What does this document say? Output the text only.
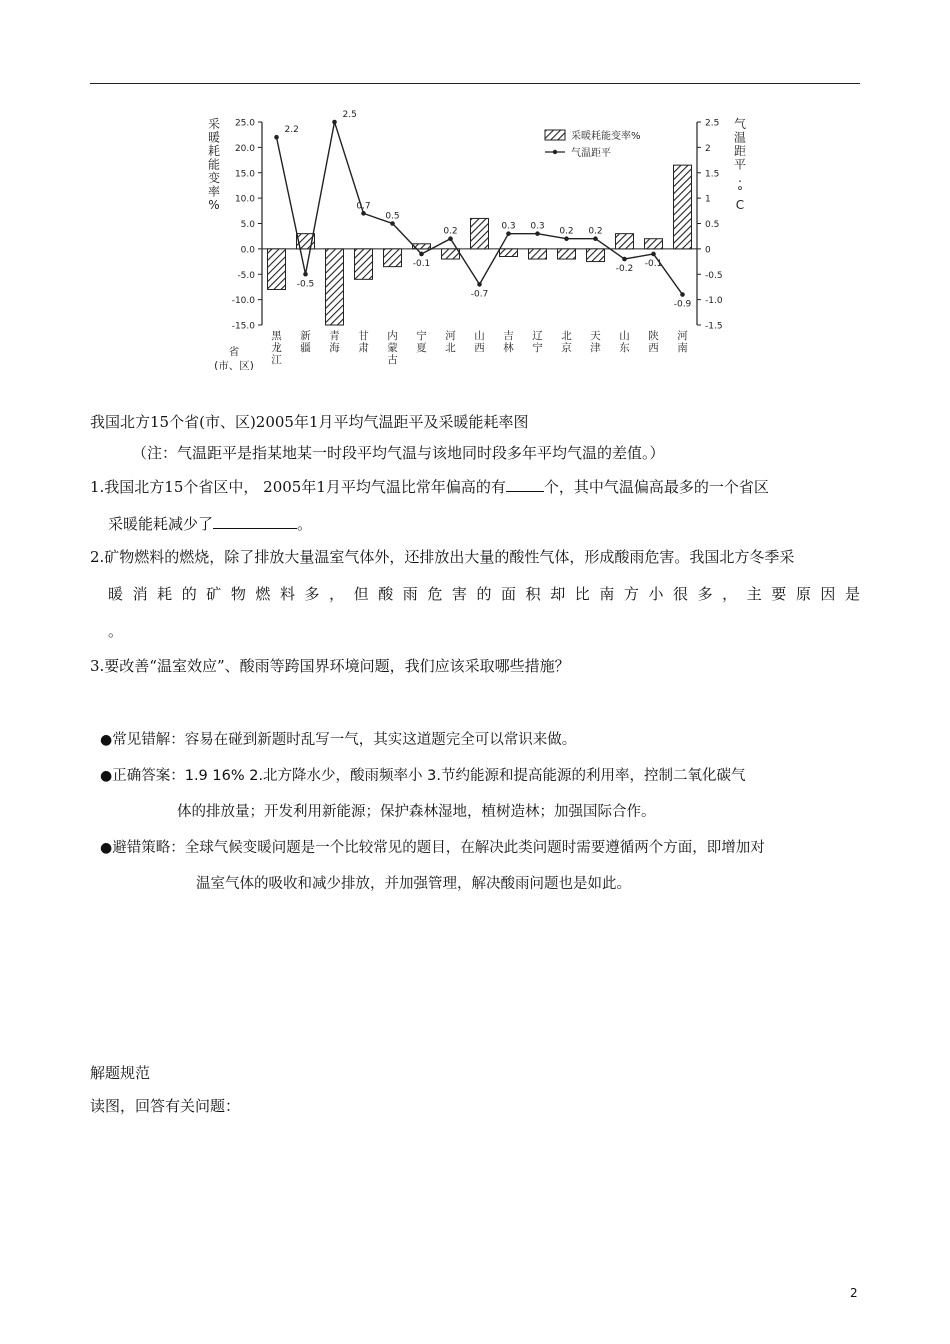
25.0
20.0
15.0
10.0
5.0
0.0
-5.0
-10.0
-15.0
2.5
2
1.5
1
0.5
0
-0.5
-1.0
-1.5
2.2
-0.5
2.5
0.7
0.5
-0.1
0.2
-0.7
0.3 0.3
0.2 0.2
-0.2
-0.1
-0.9
黑龙江
新疆
青海
甘肃
内蒙古
宁夏
河北
山西
吉林
辽宁
北京
天津
山东
陕西
河南
省
(市、区)
采暖耗能变率%
气温距平. ° C
采暖耗能变率%
气温距平
我国北方15个省(市、区)2005年1月平均气温距平及采暖能耗率图
（注：气温距平是指某地某一时段平均气温与该地同时段多年平均气温的差值。）
1.我国北方15个省区中， 2005年1月平均气温比常年偏高的有	个，其中气温偏高最多的一个省区
采暖能耗减少了	。
2.矿物燃料的燃烧，除了排放大量温室气体外，还排放出大量的酸性气体，形成酸雨危害。我国北方冬季采
暖消耗的矿物燃料多，但酸雨危害的面积却比南方小很多，主要原因是
。
3.要改善“温室效应”、酸雨等跨国界环境问题，我们应该采取哪些措施？
●常见错解：容易在碰到新题时乱写一气，其实这道题完全可以常识来做。
●正确答案：1.9 16% 2.北方降水少，酸雨频率小 3.节约能源和提高能源的利用率，控制二氧化碳气
体的排放量；开发利用新能源；保护森林湿地，植树造林；加强国际合作。
●避错策略：全球气候变暖问题是一个比较常见的题目，在解决此类问题时需要遵循两个方面，即增加对
温室气体的吸收和减少排放，并加强管理，解决酸雨问题也是如此。
解题规范
读图，回答有关问题：
2
